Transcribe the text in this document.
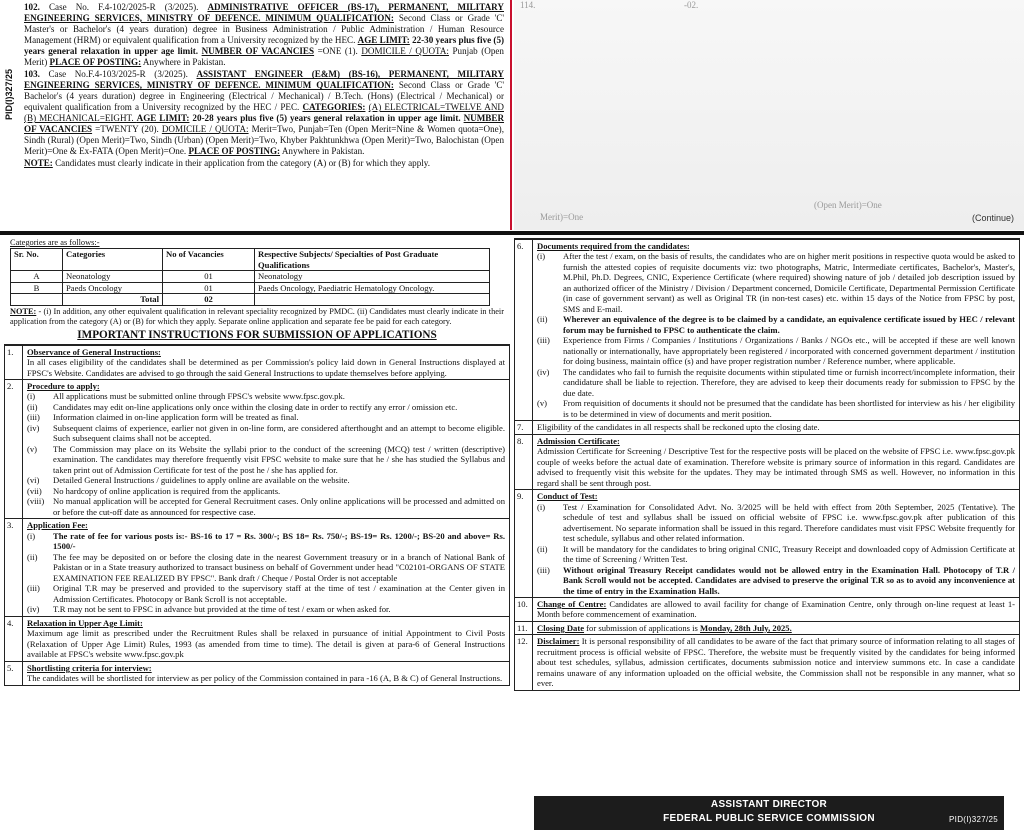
PID(I)327/25
102. Case No. F.4-102/2025-R (3/2025). ADMINISTRATIVE OFFICER (BS-17), PERMANENT, MILITARY ENGINEERING SERVICES, MINISTRY OF DEFENCE. MINIMUM QUALIFICATION: Second Class or Grade 'C' Master's or Bachelor's (4 years duration) degree in Business Administration / Public Administration / Human Resource Management (HRM) or equivalent qualification from a University recognized by the HEC. AGE LIMIT: 22-30 years plus five (5) years general relaxation in upper age limit. NUMBER OF VACANCIES =ONE (1). DOMICILE / QUOTA: Punjab (Open Merit) PLACE OF POSTING: Anywhere in Pakistan.
103. Case No.F.4-103/2025-R (3/2025). ASSISTANT ENGINEER (E&M) (BS-16), PERMANENT, MILITARY ENGINEERING SERVICES, MINISTRY OF DEFENCE. MINIMUM QUALIFICATION: Second Class or Grade 'C' Bachelor's (4 years duration) degree in Engineering (Electrical / Mechanical) / B.Tech. (Hons) (Electrical / Mechanical) or equivalent qualification from a University recognized by the HEC / PEC. CATEGORIES: (A) ELECTRICAL=TWELVE AND (B) MECHANICAL=EIGHT. AGE LIMIT: 20-28 years plus five (5) years general relaxation in upper age limit. NUMBER OF VACANCIES =TWENTY (20). DOMICILE / QUOTA: Merit=Two, Punjab=Ten (Open Merit=Nine & Women quota=One), Sindh (Rural) (Open Merit)=Two, Sindh (Urban) (Open Merit)=Two, Khyber Pakhtunkhwa (Open Merit)=Two, Balochistan (Open Merit)=One & Ex-FATA (Open Merit)=One. PLACE OF POSTING: Anywhere in Pakistan.
NOTE: Candidates must clearly indicate in their application from the category (A) or (B) for which they apply.
114.	-02.
Merit)=One
(Open Merit)=One
(Continue)
Categories are as follows:-
Sr. No.	Categories	No of Vacancies	Respective Subjects/ Specialties of Post Graduate Qualifications
A	Neonatology	01	Neonatology
B	Paeds Oncology	01	Paeds Oncology, Paediatric Hematology Oncology.
	Total	02	
NOTE: - (i) In addition, any other equivalent qualification in relevant speciality recognized by PMDC. (ii) Candidates must clearly indicate in their application from the category (A) or (B) for which they apply. Separate online application and separate fee be paid for each category.
IMPORTANT INSTRUCTIONS FOR SUBMISSION OF APPLICATIONS
1.	Observance of General Instructions:
In all cases eligibility of the candidates shall be determined as per Commission's policy laid down in General Instructions displayed at FPSC's Website. Candidates are advised to go through the said General Instructions to update themselves before applying.
2.	Procedure to apply:
(i)	All applications must be submitted online through FPSC's website www.fpsc.gov.pk.
(ii)	Candidates may edit on-line applications only once within the closing date in order to rectify any error / omission etc.
(iii)	Information claimed in on-line application form will be treated as final.
(iv)	Subsequent claims of experience, earlier not given in on-line form, are considered afterthought and an attempt to become eligible. Such subsequent claims shall not be accepted.
(v)	The Commission may place on its Website the syllabi prior to the conduct of the screening (MCQ) test / written (descriptive) examination. The candidates may therefore frequently visit FPSC website to make sure that he / she has studied the Syllabus and taken print out of Admission Certificate for test of the post he / she has applied for.
(vi)	Detailed General Instructions / guidelines to apply online are available on the website.
(vii)	No hardcopy of online application is required from the applicants.
(viii)	No manual application will be accepted for General Recruitment cases. Only online applications will be processed and admitted on or before the cut-off date as announced for respective case.
3.	Application Fee:
(i)	The rate of fee for various posts is:- BS-16 to 17 = Rs. 300/-; BS 18= Rs. 750/-; BS-19= Rs. 1200/-; BS-20 and above= Rs. 1500/-
(ii)	The fee may be deposited on or before the closing date in the nearest Government treasury or in a branch of National Bank of Pakistan or in a State treasury authorized to transact business on behalf of Government under head "C02101-ORGANS OF STATE EXAMINATION FEE REALIZED BY FPSC". Bank draft / Cheque / Postal Order is not acceptable
(iii)	Original T.R may be preserved and provided to the supervisory staff at the time of test / examination at the Center given in Admission Certificates. Photocopy or Bank Scroll is not acceptable.
(iv)	T.R may not be sent to FPSC in advance but provided at the time of test / exam or when asked for.
4.	Relaxation in Upper Age Limit:
Maximum age limit as prescribed under the Recruitment Rules shall be relaxed in pursuance of initial Appointment to Civil Posts (Relaxation of Upper Age Limit) Rules, 1993 (as amended from time to time). The detail is given at para-6 of General Instructions available at FPSC's website www.fpsc.gov.pk
5.	Shortlisting criteria for interview:
The candidates will be shortlisted for interview as per policy of the Commission contained in para -16 (A, B & C) of General Instructions.
6.	Documents required from the candidates:
(i)	After the test / exam, on the basis of results, the candidates who are on higher merit positions in respective quota would be asked to furnish the attested copies of requisite documents viz: two photographs, Matric, Intermediate certificates, Bachelor's, Master's, M.Phil, Ph.D. Degrees, CNIC, Experience Certificate (where required) showing nature of job / detailed job description issued by an authorized officer of the Ministry / Division / Department concerned, Domicile Certificate, Departmental Permission Certificate (in case of government servant) as well as Original TR (in non-test cases) etc. within 15 days of the Notice from FPSC by post, SMS and E-mail.
(ii)	Wherever an equivalence of the degree is to be claimed by a candidate, an equivalence certificate issued by HEC / relevant forum may be furnished to FPSC to authenticate the claim.
(iii)	Experience from Firms / Companies / Institutions / Organizations / Banks / NGOs etc., will be accepted if these are well known nationally or internationally, have appropriately been registered / incorporated with concerned government department / institution for doing business, maintain office (s) and have proper registration number / Reference number, where applicable.
(iv)	The candidates who fail to furnish the requisite documents within stipulated time or furnish incorrect/incomplete information, their candidature shall be liable to rejection. Therefore, they are advised to keep their documents ready for submission to FPSC by the due date.
(v)	From requisition of documents it should not be presumed that the candidate has been shortlisted for interview as his / her eligibility is to be determined in view of documents and merit position.
7.	Eligibility of the candidates in all respects shall be reckoned upto the closing date.
8.	Admission Certificate:
Admission Certificate for Screening / Descriptive Test for the respective posts will be placed on the website of FPSC i.e. www.fpsc.gov.pk couple of weeks before the actual date of examination. Therefore website is primary source of information in this regard. Candidates are advised to frequently visit this website for the updates. They may be intimated through SMS as well. However, no information in this regard shall be sent through post.
9.	Conduct of Test:
(i)	Test / Examination for Consolidated Advt. No. 3/2025 will be held with effect from 20th September, 2025 (Tentative). The schedule of test and syllabus shall be issued on official website of FPSC i.e. www.fpsc.gov.pk after publication of this advertisement. No separate information shall be issued in this regard. Therefore candidates must visit FPSC Website frequently for test schedule, syllabus and other related information.
(ii)	It will be mandatory for the candidates to bring original CNIC, Treasury Receipt and downloaded copy of Admission Certificate at the time of Screening / Written Test.
(iii)	Without original Treasury Receipt candidates would not be allowed entry in the Examination Hall. Photocopy of T.R / Bank Scroll would not be accepted. Candidates are advised to preserve the original T.R so as to avoid any inconvenience at the time of entry in the Examination Halls.
10.	Change of Centre: Candidates are allowed to avail facility for change of Examination Centre, only through on-line request at least 1-Month before commencement of examination.
11.	Closing Date for submission of applications is Monday, 28th July, 2025.
12.	Disclaimer: It is personal responsibility of all candidates to be aware of the fact that primary source of information relating to all stages of recruitment process is official website of FPSC. Therefore, the website must be frequently visited by the candidates for being informed about test schedules, syllabus, admission certificates, documents submission notice and interview summons etc. In case a candidate remains unaware of any information uploaded on the official website, the Commission shall not be responsible in any manner, what so ever.
ASSISTANT DIRECTOR
FEDERAL PUBLIC SERVICE COMMISSION	PID(I)327/25
